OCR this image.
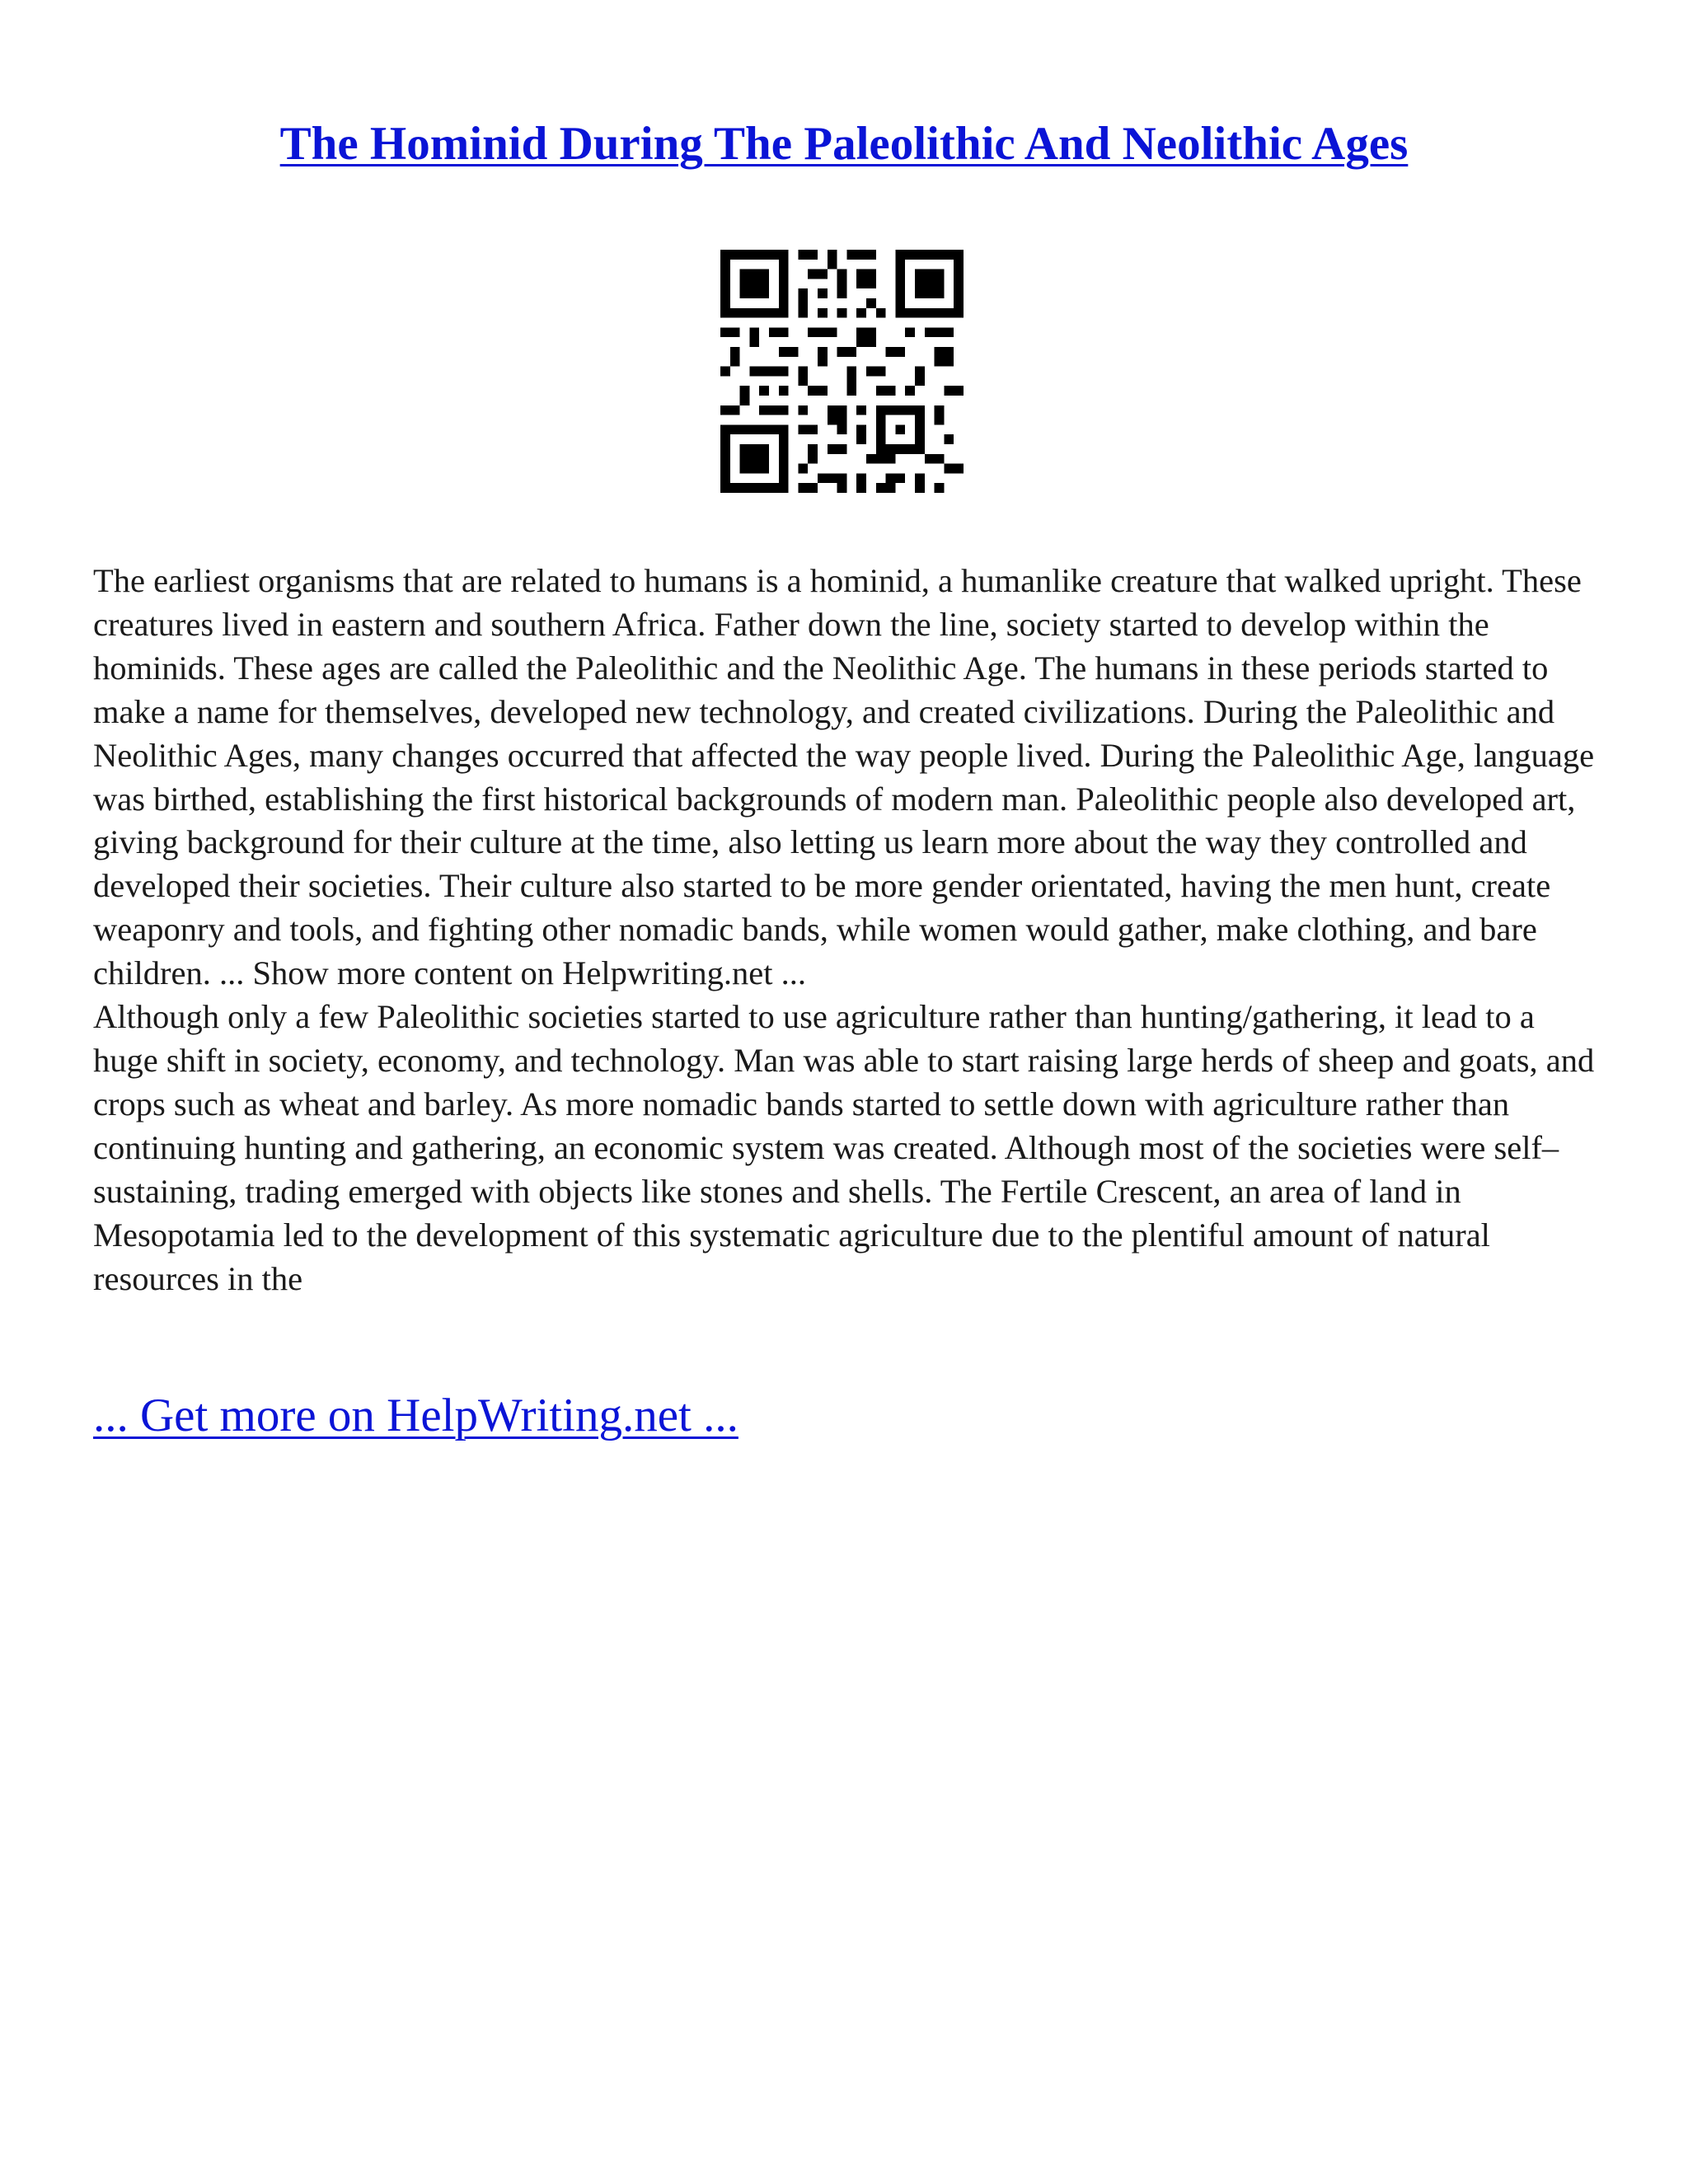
The Hominid During The Paleolithic And Neolithic Ages

The earliest organisms that are related to humans is a hominid, a humanlike creature that walked upright. These creatures lived in eastern and southern Africa. Father down the line, society started to develop within the hominids. These ages are called the Paleolithic and the Neolithic Age. The humans in these periods started to make a name for themselves, developed new technology, and created civilizations. During the Paleolithic and Neolithic Ages, many changes occurred that affected the way people lived. During the Paleolithic Age, language was birthed, establishing the first historical backgrounds of modern man. Paleolithic people also developed art, giving background for their culture at the time, also letting us learn more about the way they controlled and developed their societies. Their culture also started to be more gender orientated, having the men hunt, create weaponry and tools, and fighting other nomadic bands, while women would gather, make clothing, and bare children. ... Show more content on Helpwriting.net ...

Although only a few Paleolithic societies started to use agriculture rather than hunting/gathering, it lead to a huge shift in society, economy, and technology. Man was able to start raising large herds of sheep and goats, and crops such as wheat and barley. As more nomadic bands started to settle down with agriculture rather than continuing hunting and gathering, an economic system was created. Although most of the societies were self–sustaining, trading emerged with objects like stones and shells. The Fertile Crescent, an area of land in Mesopotamia led to the development of this systematic agriculture due to the plentiful amount of natural resources in the

... Get more on HelpWriting.net ...
